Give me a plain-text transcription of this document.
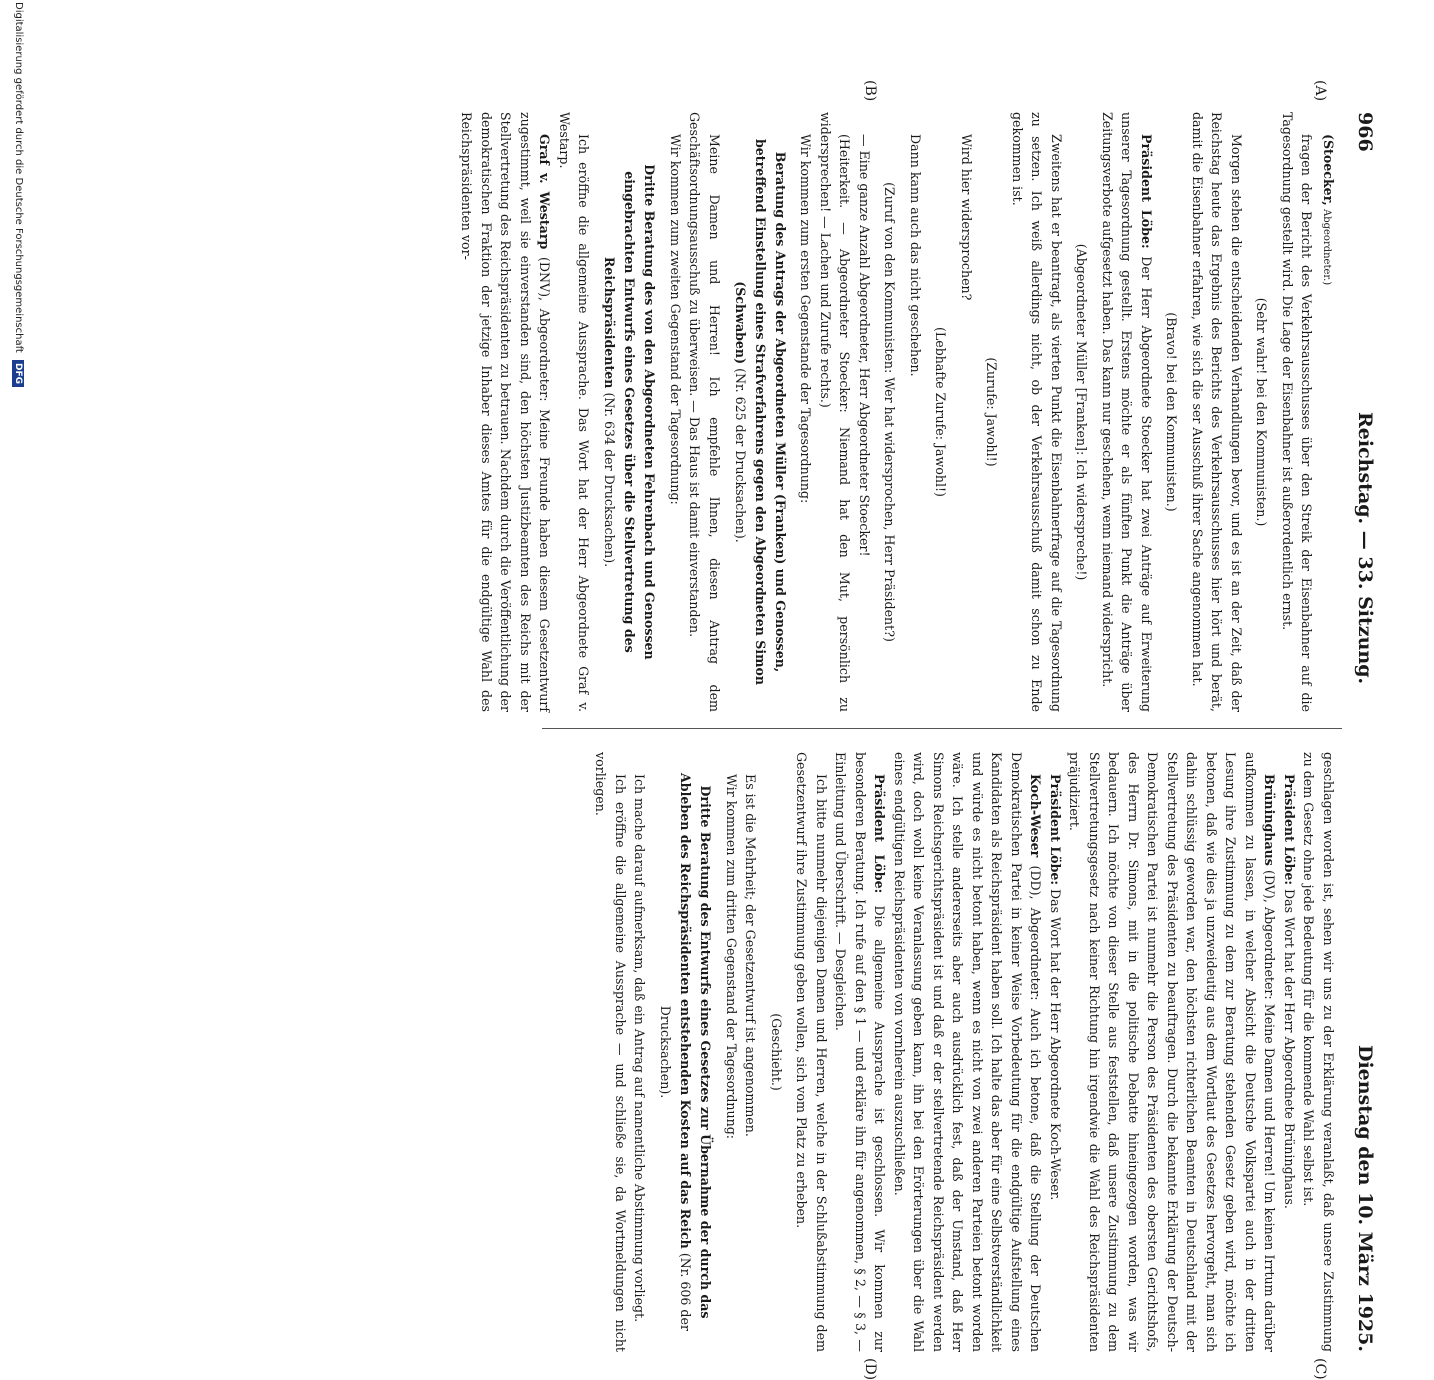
966
Reichstag. — 33. Sitzung.
Dienstag den 10. März 1925.
(A)
(B)
(C)
(D)

(Stoecker, Abgeordneter.)

fragen der Bericht des Verkehrsausschusses über den Streik der Eisenbahner auf die Tagesordnung gestellt wird. Die Lage der Eisenbahner ist außerordentlich ernst.

(Sehr wahr! bei den Kommunisten.)

Morgen stehen die entscheidenden Verhandlungen bevor, und es ist an der Zeit, daß der Reichstag heute das Ergebnis des Berichts des Verkehrsausschusses hier hört und berät, damit die Eisenbahner erfahren, wie sich die ser Ausschuß ihrer Sache angenommen hat.

(Bravo! bei den Kommunisten.)

Präsident Löbe: Der Herr Abgeordnete Stoecker hat zwei Anträge auf Erweiterung unserer Tagesordnung gestellt. Erstens möchte er als fünften Punkt die Anträge über Zeitungsverbote aufgesetzt haben. Das kann nur geschehen, wenn niemand widerspricht.

(Abgeordneter Müller [Franken]: Ich widerspreche!)

Zweitens hat er beantragt, als vierten Punkt die Eisenbahnerfrage auf die Tagesordnung zu setzen. Ich weiß allerdings nicht, ob der Verkehrsausschuß damit schon zu Ende gekommen ist.

(Zurufe: Jawohl!)

Wird hier widersprochen?

(Lebhafte Zurufe: Jawohl!)

Dann kann auch das nicht geschehen.

(Zuruf von den Kommunisten: Wer hat widersprochen, Herr Präsident?)

— Eine ganze Anzahl Abgeordneter, Herr Abgeordneter Stoecker!

(Heiterkeit. — Abgeordneter Stoecker: Niemand hat den Mut, persönlich zu widersprechen! — Lachen und Zurufe rechts.)

Wir kommen zum ersten Gegenstande der Tagesordnung:

Beratung des Antrags der Abgeordneten Müller (Franken) und Genossen, betreffend Einstellung eines Strafverfahrens gegen den Abgeordneten Simon (Schwaben) (Nr. 625 der Drucksachen).

Meine Damen und Herren! Ich empfehle Ihnen, diesen Antrag dem Geschäftsordnungsausschuß zu überweisen. — Das Haus ist damit einverstanden.

Wir kommen zum zweiten Gegenstand der Tagesordnung:

Dritte Beratung des von den Abgeordneten Fehrenbach und Genossen eingebrachten Entwurfs eines Gesetzes über die Stellvertretung des Reichspräsidenten (Nr. 634 der Drucksachen).

Ich eröffne die allgemeine Aussprache. Das Wort hat der Herr Abgeordnete Graf v. Westarp.

Graf v. Westarp (DNV), Abgeordneter: Meine Freunde haben diesem Gesetzentwurf zugestimmt, weil sie einverstanden sind, den höchsten Justizbeamten des Reichs mit der Stellvertretung des Reichspräsidenten zu betrauen. Nachdem durch die Veröffentlichung der demokratischen Fraktion der jetzige Inhaber dieses Amtes für die endgültige Wahl des Reichspräsidenten vor-

geschlagen worden ist, sehen wir uns zu der Erklärung veranlaßt, daß unsere Zustimmung zu dem Gesetz ohne jede Bedeutung für die kommende Wahl selbst ist.

Präsident Löbe: Das Wort hat der Herr Abgeordnete Brüninghaus.

Brüninghaus (DV), Abgeordneter: Meine Damen und Herren! Um keinen Irrtum darüber aufkommen zu lassen, in welcher Absicht die Deutsche Volkspartei auch in der dritten Lesung ihre Zustimmung zu dem zur Beratung stehenden Gesetz geben wird, möchte ich betonen, daß wie dies ja unzweideutig aus dem Wortlaut des Gesetzes hervorgeht, man sich dahin schlüssig geworden war, den höchsten richterlichen Beamten in Deutschland mit der Stellvertretung des Präsidenten zu beauftragen. Durch die bekannte Erklärung der Deutsch-Demokratischen Partei ist nunmehr die Person des Präsidenten des obersten Gerichtshofs, des Herrn Dr. Simons, mit in die politische Debatte hineingezogen worden, was wir bedauern. Ich möchte von dieser Stelle aus feststellen, daß unsere Zustimmung zu dem Stellvertretungsgesetz nach keiner Richtung hin irgendwie die Wahl des Reichspräsidenten präjudiziert.

Präsident Löbe: Das Wort hat der Herr Abgeordnete Koch-Weser.

Koch-Weser (DD), Abgeordneter: Auch ich betone, daß die Stellung der Deutschen Demokratischen Partei in keiner Weise Vorbedeutung für die endgültige Aufstellung eines Kandidaten als Reichspräsident haben soll. Ich halte das aber für eine Selbstverständlichkeit und würde es nicht betont haben, wenn es nicht von zwei anderen Parteien betont worden wäre. Ich stelle andererseits aber auch ausdrücklich fest, daß der Umstand, daß Herr Simons Reichsgerichtspräsident ist und daß er der stellvertretende Reichspräsident werden wird, doch wohl keine Veranlassung geben kann, ihn bei den Erörterungen über die Wahl eines endgültigen Reichspräsidenten von vornherein auszuschließen.

Präsident Löbe: Die allgemeine Aussprache ist geschlossen. Wir kommen zur besonderen Beratung. Ich rufe auf den § 1 — und erkläre ihn für angenommen, § 2, — § 3, — Einleitung und Überschrift. — Desgleichen.

Ich bitte nunmehr diejenigen Damen und Herren, welche in der Schlußabstimmung dem Gesetzentwurf ihre Zustimmung geben wollen, sich vom Platz zu erheben.

(Geschieht.)

Es ist die Mehrheit; der Gesetzentwurf ist angenommen.

Wir kommen zum dritten Gegenstand der Tagesordnung:

Dritte Beratung des Entwurfs eines Gesetzes zur Übernahme der durch das Ableben des Reichspräsidenten entstehenden Kosten auf das Reich (Nr. 606 der Drucksachen).

Ich mache darauf aufmerksam, daß ein Antrag auf namentliche Abstimmung vorliegt.

Ich eröffne die allgemeine Aussprache — und schließe sie, da Wortmeldungen nicht vorliegen.

Digitalisierung gefördert durch die Deutsche Forschungsgemeinschaft DFG
